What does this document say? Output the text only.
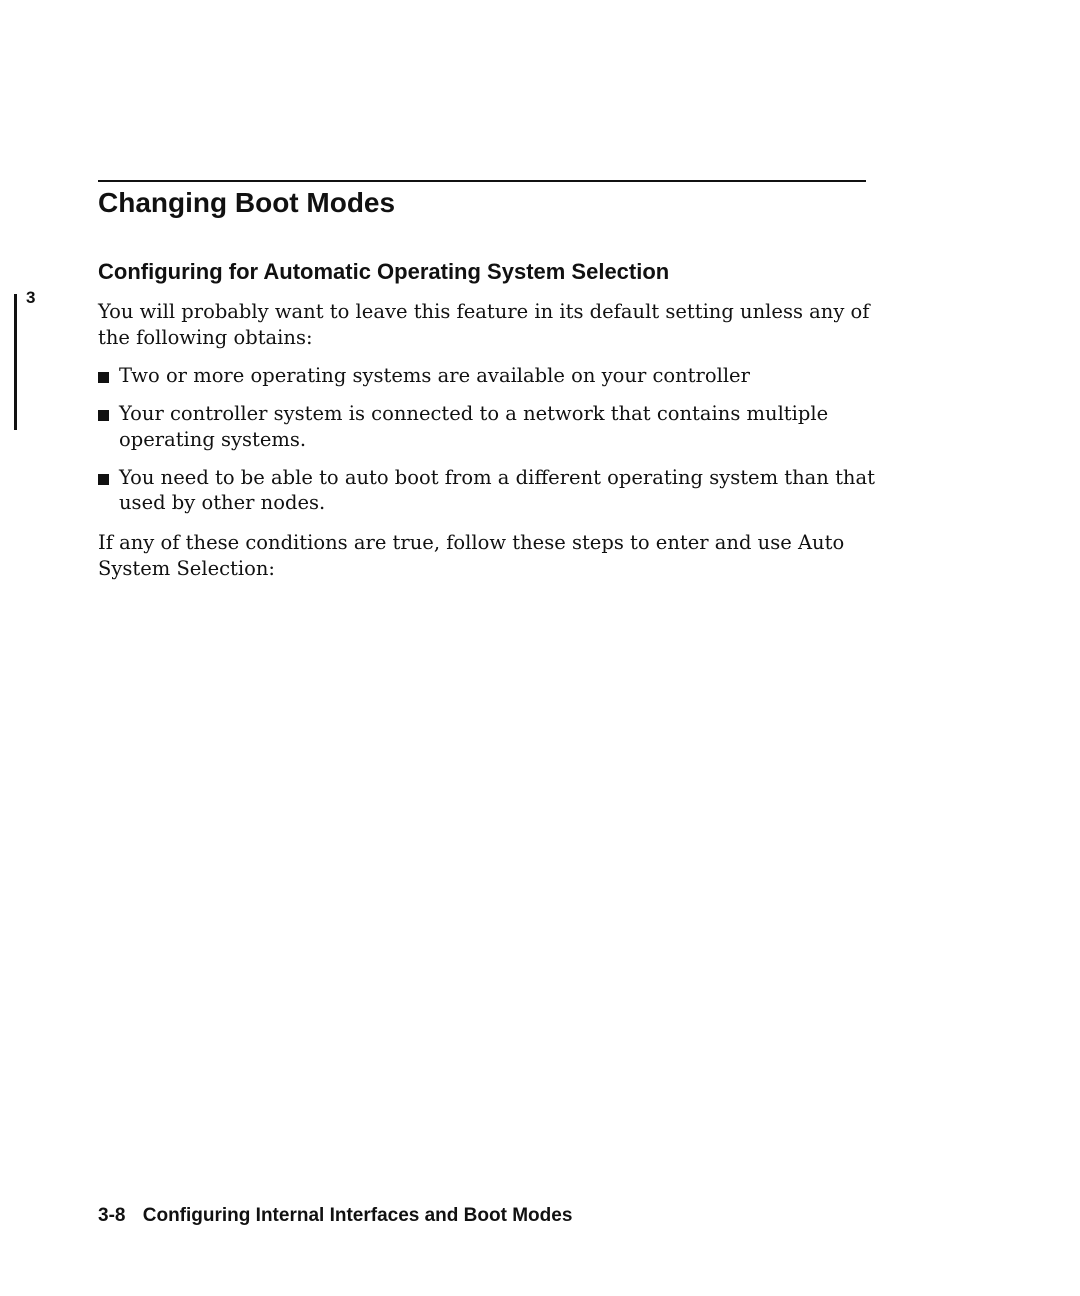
Changing Boot Modes
Configuring for Automatic Operating System Selection
3

You will probably want to leave this feature in its default setting unless any of the following obtains:

Two or more operating systems are available on your controller
Your controller system is connected to a network that contains multiple operating systems.
You need to be able to auto boot from a different operating system than that used by other nodes.

If any of these conditions are true, follow these steps to enter and use Auto System Selection:

3-8 Configuring Internal Interfaces and Boot Modes
